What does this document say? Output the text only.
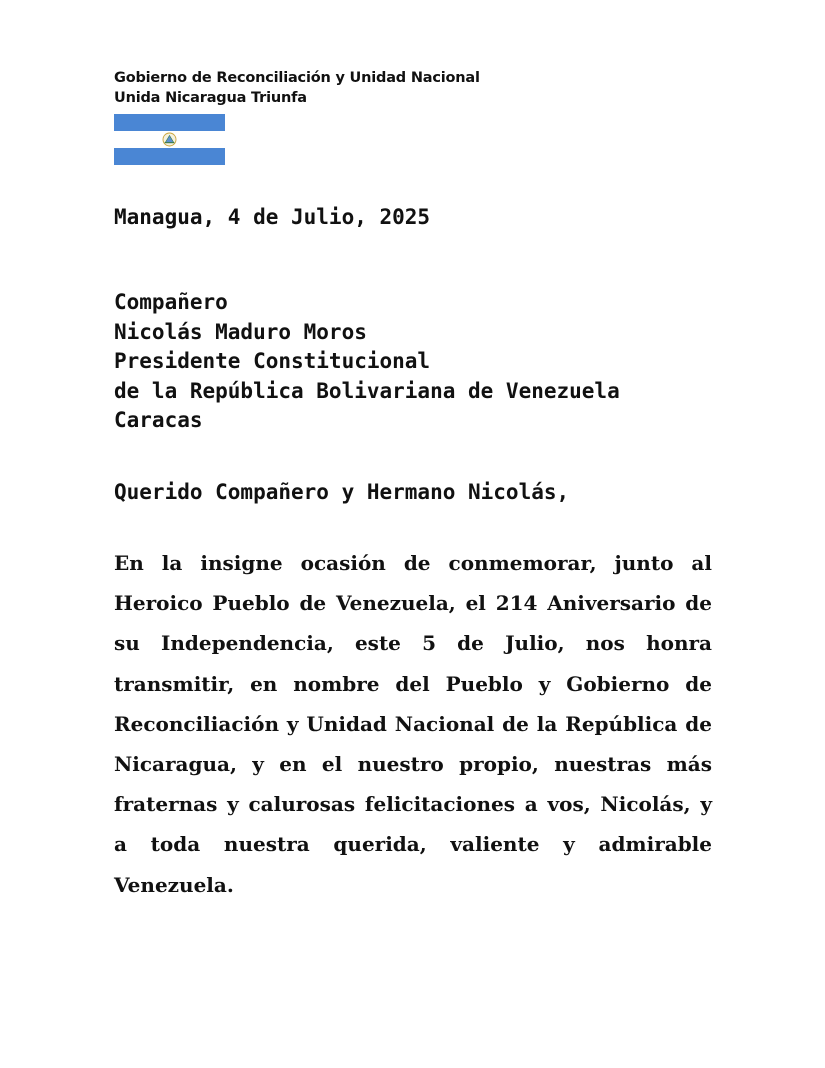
Gobierno de Reconciliación y Unidad Nacional
Unida Nicaragua Triunfa
Managua, 4 de Julio, 2025
Compañero
Nicolás Maduro Moros
Presidente Constitucional
de la República Bolivariana de Venezuela
Caracas
Querido Compañero y Hermano Nicolás,
En la insigne ocasión de conmemorar, junto al Heroico Pueblo de Venezuela, el 214 Aniversario de su Independencia, este 5 de Julio, nos honra transmitir, en nombre del Pueblo y Gobierno de Reconciliación y Unidad Nacional de la República de Nicaragua, y en el nuestro propio, nuestras más fraternas y calurosas felicitaciones a vos, Nicolás, y a toda nuestra querida, valiente y admirable Venezuela.
